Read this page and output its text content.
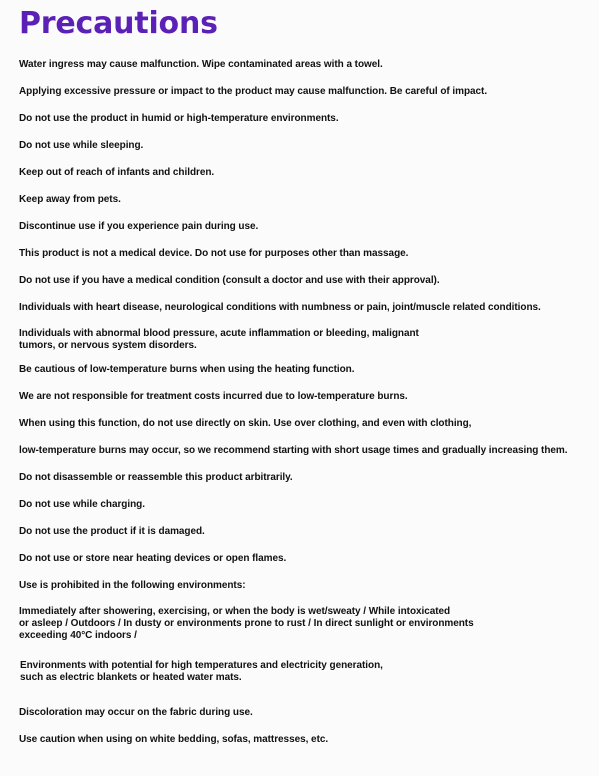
Precautions
Water ingress may cause malfunction. Wipe contaminated areas with a towel.
Applying excessive pressure or impact to the product may cause malfunction. Be careful of impact.
Do not use the product in humid or high-temperature environments.
Do not use while sleeping.
Keep out of reach of infants and children.
Keep away from pets.
Discontinue use if you experience pain during use.
This product is not a medical device. Do not use for purposes other than massage.
Do not use if you have a medical condition (consult a doctor and use with their approval).
Individuals with heart disease, neurological conditions with numbness or pain, joint/muscle related conditions.
Individuals with abnormal blood pressure, acute inflammation or bleeding, malignant
tumors, or nervous system disorders.
Be cautious of low-temperature burns when using the heating function.
We are not responsible for treatment costs incurred due to low-temperature burns.
When using this function, do not use directly on skin. Use over clothing, and even with clothing,
low-temperature burns may occur, so we recommend starting with short usage times and gradually increasing them.
Do not disassemble or reassemble this product arbitrarily.
Do not use while charging.
Do not use the product if it is damaged.
Do not use or store near heating devices or open flames.
Use is prohibited in the following environments:
Immediately after showering, exercising, or when the body is wet/sweaty / While intoxicated
or asleep / Outdoors / In dusty or environments prone to rust / In direct sunlight or environments
exceeding 40°C indoors /
Environments with potential for high temperatures and electricity generation,
such as electric blankets or heated water mats.
Discoloration may occur on the fabric during use.
Use caution when using on white bedding, sofas, mattresses, etc.
